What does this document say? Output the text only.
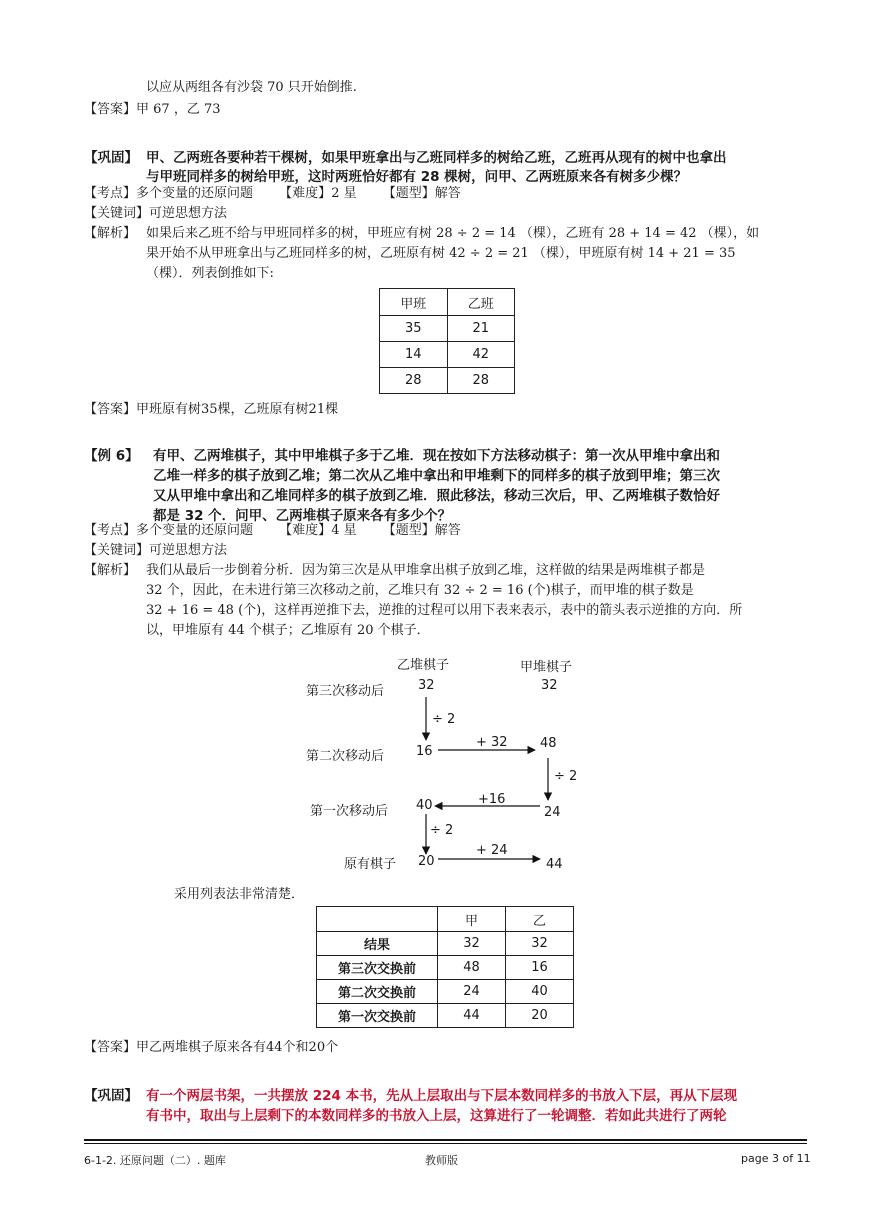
以应从两组各有沙袋 70 只开始倒推.
【答案】甲 67 ，乙 73
【巩固】 甲、乙两班各要种若干棵树，如果甲班拿出与乙班同样多的树给乙班，乙班再从现有的树中也拿出
与甲班同样多的树给甲班，这时两班恰好都有 28 棵树，问甲、乙两班原来各有树多少棵？
【考点】多个变量的还原问题 【难度】2 星 【题型】解答
【关键词】可逆思想方法
【解析】 如果后来乙班不给与甲班同样多的树，甲班应有树 28 ÷ 2 = 14 （棵），乙班有 28 + 14 = 42 （棵），如
果开始不从甲班拿出与乙班同样多的树，乙班原有树 42 ÷ 2 = 21 （棵），甲班原有树 14 + 21 = 35
（棵）．列表倒推如下:
甲班	乙班
35	21
14	42
28	28
【答案】甲班原有树35棵，乙班原有树21棵
【例 6】 有甲、乙两堆棋子，其中甲堆棋子多于乙堆．现在按如下方法移动棋子：第一次从甲堆中拿出和
乙堆一样多的棋子放到乙堆；第二次从乙堆中拿出和甲堆剩下的同样多的棋子放到甲堆；第三次
又从甲堆中拿出和乙堆同样多的棋子放到乙堆．照此移法，移动三次后，甲、乙两堆棋子数恰好
都是 32 个．问甲、乙两堆棋子原来各有多少个？
【考点】多个变量的还原问题 【难度】4 星 【题型】解答
【关键词】可逆思想方法
【解析】 我们从最后一步倒着分析．因为第三次是从甲堆拿出棋子放到乙堆，这样做的结果是两堆棋子都是
32 个，因此，在未进行第三次移动之前，乙堆只有 32 ÷ 2 = 16 (个)棋子，而甲堆的棋子数是
32 + 16 = 48 (个)，这样再逆推下去，逆推的过程可以用下表来表示，表中的箭头表示逆推的方向．所
以，甲堆原有 44 个棋子；乙堆原有 20 个棋子．
乙堆棋子	甲堆棋子
第三次移动后	32	32
÷ 2
第二次移动后 16
+ 32 48
÷ 2
第一次移动后 40	+16
24
÷ 2
原有棋子 20
+ 24
44
采用列表法非常清楚．
	甲	乙
结果	32	32
第三次交换前	48	16
第二次交换前	24	40
第一次交换前	44	20
【答案】甲乙两堆棋子原来各有44个和20个
【巩固】 有一个两层书架，一共摆放 224 本书，先从上层取出与下层本数同样多的书放入下层，再从下层现
有书中，取出与上层剩下的本数同样多的书放入上层，这算进行了一轮调整．若如此共进行了两轮
6-1-2. 还原问题（二）. 题库	教师版	page 3 of 11
